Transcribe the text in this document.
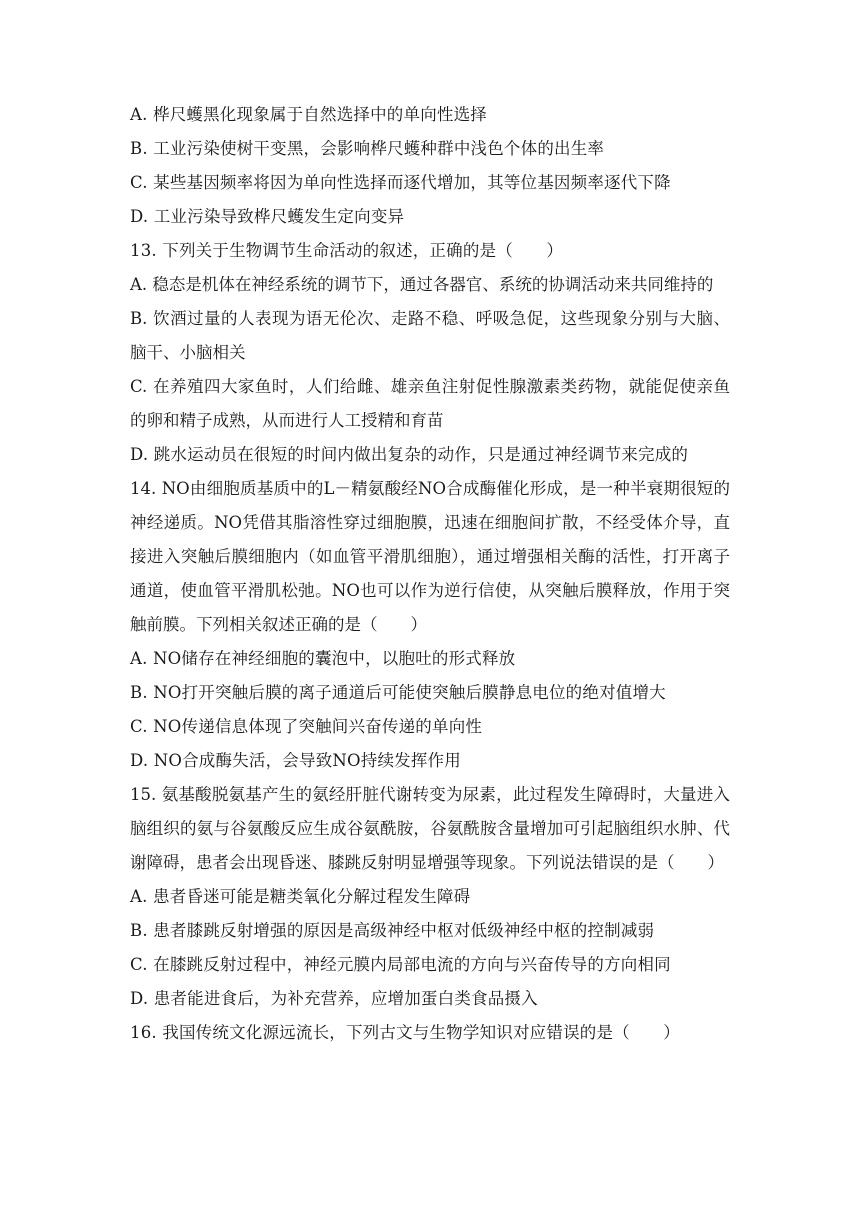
A. 桦尺蠖黑化现象属于自然选择中的单向性选择
B. 工业污染使树干变黑，会影响桦尺蠖种群中浅色个体的出生率
C. 某些基因频率将因为单向性选择而逐代增加，其等位基因频率逐代下降
D. 工业污染导致桦尺蠖发生定向变异
13. 下列关于生物调节生命活动的叙述，正确的是（　　）
A. 稳态是机体在神经系统的调节下，通过各器官、系统的协调活动来共同维持的
B. 饮酒过量的人表现为语无伦次、走路不稳、呼吸急促，这些现象分别与大脑、脑干、小脑相关
C. 在养殖四大家鱼时，人们给雌、雄亲鱼注射促性腺激素类药物，就能促使亲鱼的卵和精子成熟，从而进行人工授精和育苗
D. 跳水运动员在很短的时间内做出复杂的动作，只是通过神经调节来完成的
14. NO由细胞质基质中的L－精氨酸经NO合成酶催化形成，是一种半衰期很短的神经递质。NO凭借其脂溶性穿过细胞膜，迅速在细胞间扩散，不经受体介导，直接进入突触后膜细胞内（如血管平滑肌细胞），通过增强相关酶的活性，打开离子通道，使血管平滑肌松弛。NO也可以作为逆行信使，从突触后膜释放，作用于突触前膜。下列相关叙述正确的是（　　）
A. NO储存在神经细胞的囊泡中，以胞吐的形式释放
B. NO打开突触后膜的离子通道后可能使突触后膜静息电位的绝对值增大
C. NO传递信息体现了突触间兴奋传递的单向性
D. NO合成酶失活，会导致NO持续发挥作用
15. 氨基酸脱氨基产生的氨经肝脏代谢转变为尿素，此过程发生障碍时，大量进入脑组织的氨与谷氨酸反应生成谷氨酰胺，谷氨酰胺含量增加可引起脑组织水肿、代谢障碍，患者会出现昏迷、膝跳反射明显增强等现象。下列说法错误的是（　　）
A. 患者昏迷可能是糖类氧化分解过程发生障碍
B. 患者膝跳反射增强的原因是高级神经中枢对低级神经中枢的控制减弱
C. 在膝跳反射过程中，神经元膜内局部电流的方向与兴奋传导的方向相同
D. 患者能进食后，为补充营养，应增加蛋白类食品摄入
16. 我国传统文化源远流长，下列古文与生物学知识对应错误的是（　　）
